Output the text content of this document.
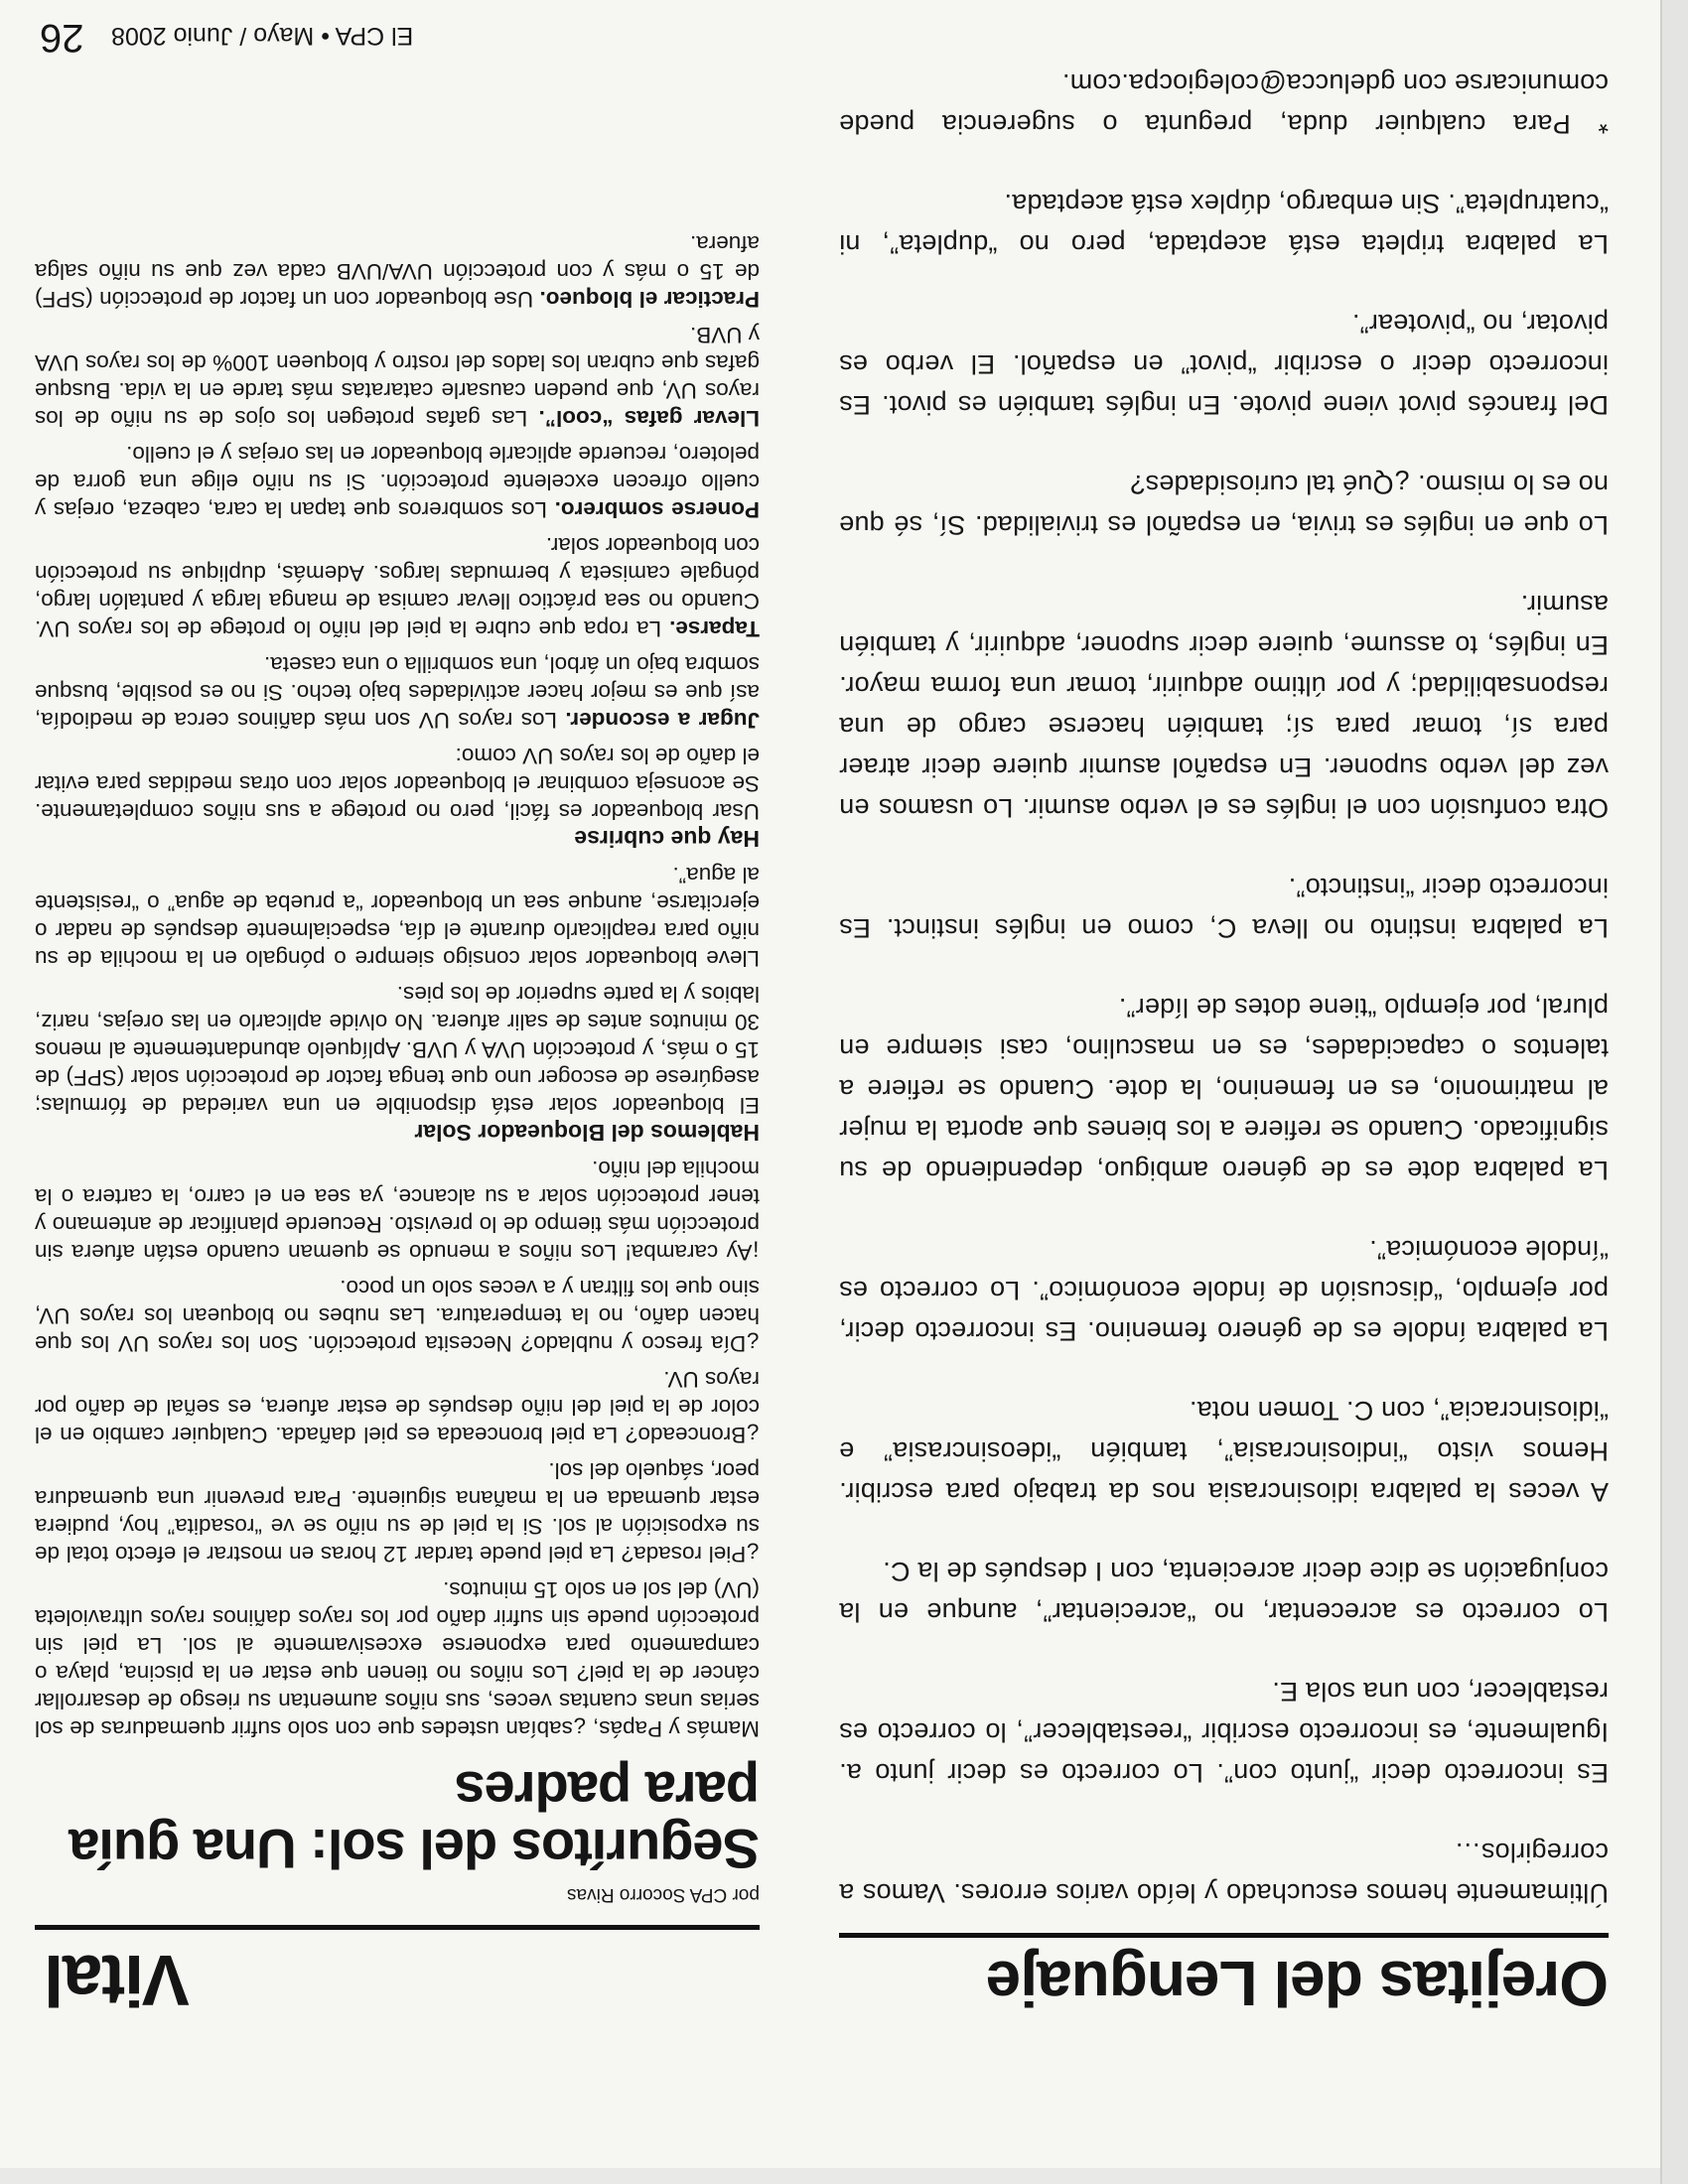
Orejitas del Lenguaje

Últimamente hemos escuchado y leído varios errores. Vamos a corregirlos…

Es incorrecto decir “junto con”. Lo correcto es decir junto a. Igualmente, es incorrecto escribir “reestablecer”, lo correcto es restablecer, con una sola E.

Lo correcto es acrecentar, no “acrecientar”, aunque en la conjugación se dice decir acrecienta, con I después de la C.

A veces la palabra idiosincrasia nos da trabajo para escribir. Hemos visto “indiosincrasia”, también “ideosincrasia” e “idiosincracia”, con C. Tomen nota.

La palabra índole es de género femenino. Es incorrecto decir, por ejemplo, “discusión de índole económico”. Lo correcto es “índole económica”.

La palabra dote es de género ambiguo, dependiendo de su significado. Cuando se refiere a los bienes que aporta la mujer al matrimonio, es en femenino, la dote. Cuando se refiere a talentos o capacidades, es en masculino, casi siempre en plural, por ejemplo “tiene dotes de líder”.

La palabra instinto no lleva C, como en inglés instinct. Es incorrecto decir “instincto”.

Otra confusión con el inglés es el verbo asumir. Lo usamos en vez del verbo suponer. En español asumir quiere decir atraer para sí, tomar para sí; también hacerse cargo de una responsabilidad; y por último adquirir, tomar una forma mayor. En inglés, to assume, quiere decir suponer, adquirir, y también asumir.

Lo que en inglés es trivia, en español es trivialidad. Sí, sé que no es lo mismo. ¿Qué tal curiosidades?

Del francés pivot viene pivote. En inglés también es pivot. Es incorrecto decir o escribir “pivot” en español. El verbo es pivotar, no “pivotear”.

La palabra tripleta está aceptada, pero no “dupleta”, ni “cuatrupleta”. Sin embargo, dúplex está aceptada.

* Para cualquier duda, pregunta o sugerencia puede comunicarse con gdelucca@colegiocpa.com.

Vital
por CPA Socorro Rivas
Segurítos del sol: Una guía para padres

Mamás y Papás, ¿sabían ustedes que con solo sufrir quemaduras de sol serias unas cuantas veces, sus niños aumentan su riesgo de desarrollar cáncer de la piel? Los niños no tienen que estar en la piscina, playa o campamento para exponerse excesivamente al sol. La piel sin protección puede sin sufrir daño por los rayos dañinos rayos ultravioleta (UV) del sol en solo 15 minutos.

¿Piel rosada? La piel puede tardar 12 horas en mostrar el efecto total de su exposición al sol. Si la piel de su niño se ve “rosadita” hoy, pudiera estar quemada en la mañana siguiente. Para prevenir una quemadura peor, sáquelo del sol.

¿Bronceado? La piel bronceada es piel dañada. Cualquier cambio en el color de la piel del niño después de estar afuera, es señal de daño por rayos UV.

¿Día fresco y nublado? Necesita protección. Son los rayos UV los que hacen daño, no la temperatura. Las nubes no bloquean los rayos UV, sino que los filtran y a veces solo un poco.

¡Ay caramba! Los niños a menudo se queman cuando están afuera sin protección más tiempo de lo previsto. Recuerde planificar de antemano y tener protección solar a su alcance, ya sea en el carro, la cartera o la mochila del niño.

Hablemos del Bloqueador Solar

El bloqueador solar está disponible en una variedad de fórmulas; asegúrese de escoger uno que tenga factor de protección solar (SPF) de 15 o más, y protección UVA y UVB. Aplíquelo abundantemente al menos 30 minutos antes de salir afuera. No olvide aplicarlo en las orejas, nariz, labios y la parte superior de los pies.

Lleve bloqueador solar consigo siempre o póngalo en la mochila de su niño para reaplicarlo durante el día, especialmente después de nadar o ejercitarse, aunque sea un bloqueador “a prueba de agua” o “resistente al agua”.

Hay que cubrirse

Usar bloqueador es fácil, pero no protege a sus niños completamente. Se aconseja combinar el bloqueador solar con otras medidas para evitar el daño de los rayos UV como:

Jugar a esconder. Los rayos UV son más dañinos cerca de mediodía, así que es mejor hacer actividades bajo techo. Si no es posible, busque sombra bajo un árbol, una sombrilla o una caseta.

Taparse. La ropa que cubre la piel del niño lo protege de los rayos UV. Cuando no sea práctico llevar camisa de manga larga y pantalón largo, póngale camiseta y bermudas largos. Además, duplique su protección con bloqueador solar.

Ponerse sombrero. Los sombreros que tapan la cara, cabeza, orejas y cuello ofrecen excelente protección. Si su niño elige una gorra de pelotero, recuerde aplicarle bloqueador en las orejas y el cuello.

Llevar gafas “cool”. Las gafas protegen los ojos de su niño de los rayos UV, que pueden causarle cataratas más tarde en la vida. Busque gafas que cubran los lados del rostro y bloqueen 100% de los rayos UVA y UVB.

Practicar el bloqueo. Use bloqueador con un factor de protección (SPF) de 15 o más y con protección UVA/UVB cada vez que su niño salga afuera.

El CPA • Mayo / Junio 2008
26
